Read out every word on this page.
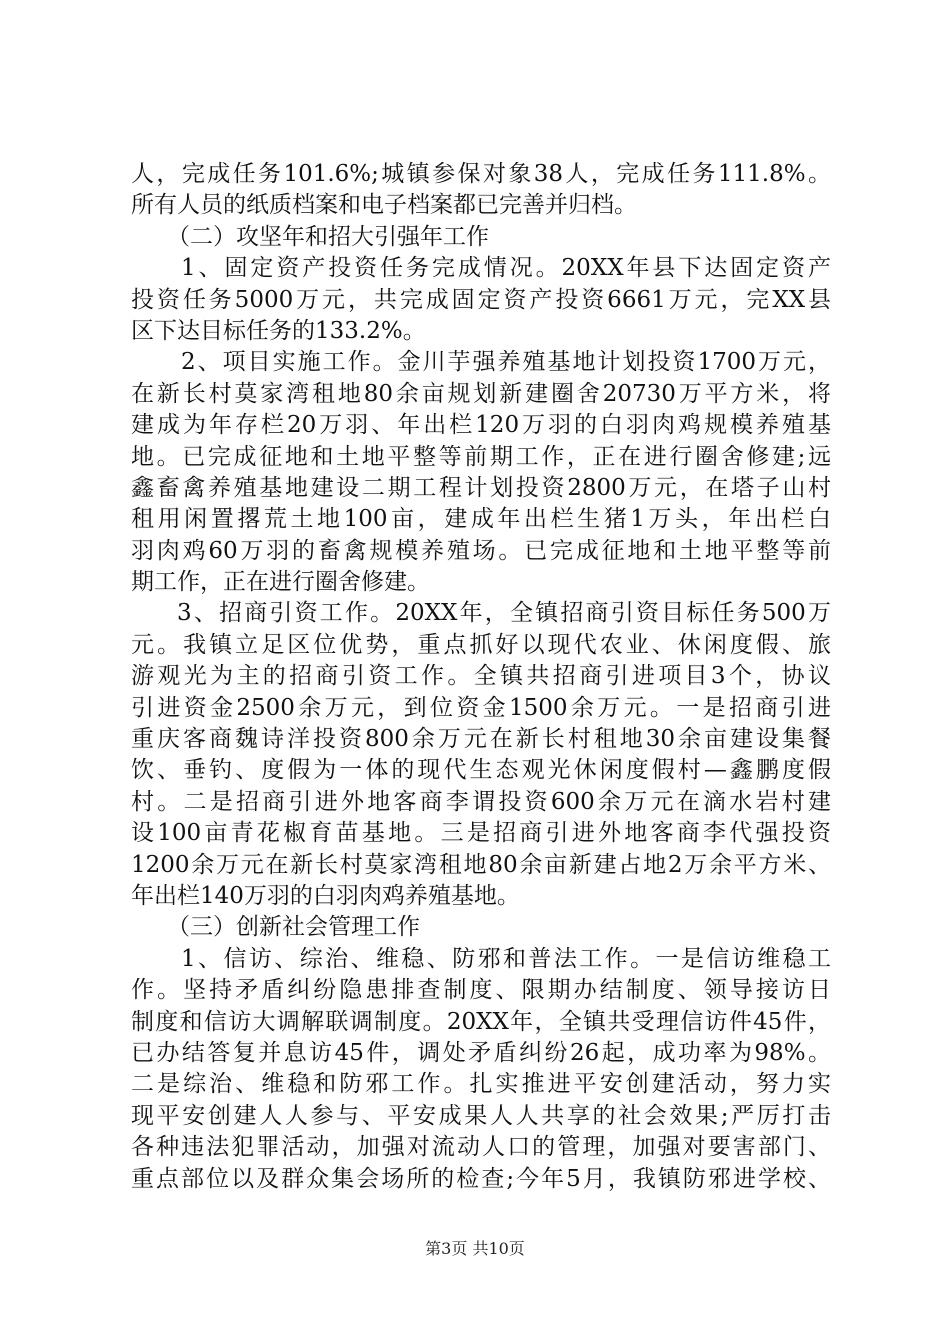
人，完成任务101.6%;城镇参保对象38人，完成任务111.8%。
所有人员的纸质档案和电子档案都已完善并归档。
（二）攻坚年和招大引强年工作
1、固定资产投资任务完成情况。20XX年县下达固定资产
投资任务5000万元，共完成固定资产投资6661万元，完XX县
区下达目标任务的133.2%。
2、项目实施工作。金川芋强养殖基地计划投资1700万元，
在新长村莫家湾租地80余亩规划新建圈舍20730万平方米，将
建成为年存栏20万羽、年出栏120万羽的白羽肉鸡规模养殖基
地。已完成征地和土地平整等前期工作，正在进行圈舍修建;远
鑫畜禽养殖基地建设二期工程计划投资2800万元，在塔子山村
租用闲置撂荒土地100亩，建成年出栏生猪1万头，年出栏白
羽肉鸡60万羽的畜禽规模养殖场。已完成征地和土地平整等前
期工作，正在进行圈舍修建。
3、招商引资工作。20XX年，全镇招商引资目标任务500万
元。我镇立足区位优势，重点抓好以现代农业、休闲度假、旅
游观光为主的招商引资工作。全镇共招商引进项目3个，协议
引进资金2500余万元，到位资金1500余万元。一是招商引进
重庆客商魏诗洋投资800余万元在新长村租地30余亩建设集餐
饮、垂钓、度假为一体的现代生态观光休闲度假村—鑫鹏度假
村。二是招商引进外地客商李谓投资600余万元在滴水岩村建
设100亩青花椒育苗基地。三是招商引进外地客商李代强投资
1200余万元在新长村莫家湾租地80余亩新建占地2万余平方米、
年出栏140万羽的白羽肉鸡养殖基地。
（三）创新社会管理工作
1、信访、综治、维稳、防邪和普法工作。一是信访维稳工
作。坚持矛盾纠纷隐患排查制度、限期办结制度、领导接访日
制度和信访大调解联调制度。20XX年，全镇共受理信访件45件，
已办结答复并息访45件，调处矛盾纠纷26起，成功率为98%。
二是综治、维稳和防邪工作。扎实推进平安创建活动，努力实
现平安创建人人参与、平安成果人人共享的社会效果;严厉打击
各种违法犯罪活动，加强对流动人口的管理，加强对要害部门、
重点部位以及群众集会场所的检查;今年5月，我镇防邪进学校、
第3页 共10页
